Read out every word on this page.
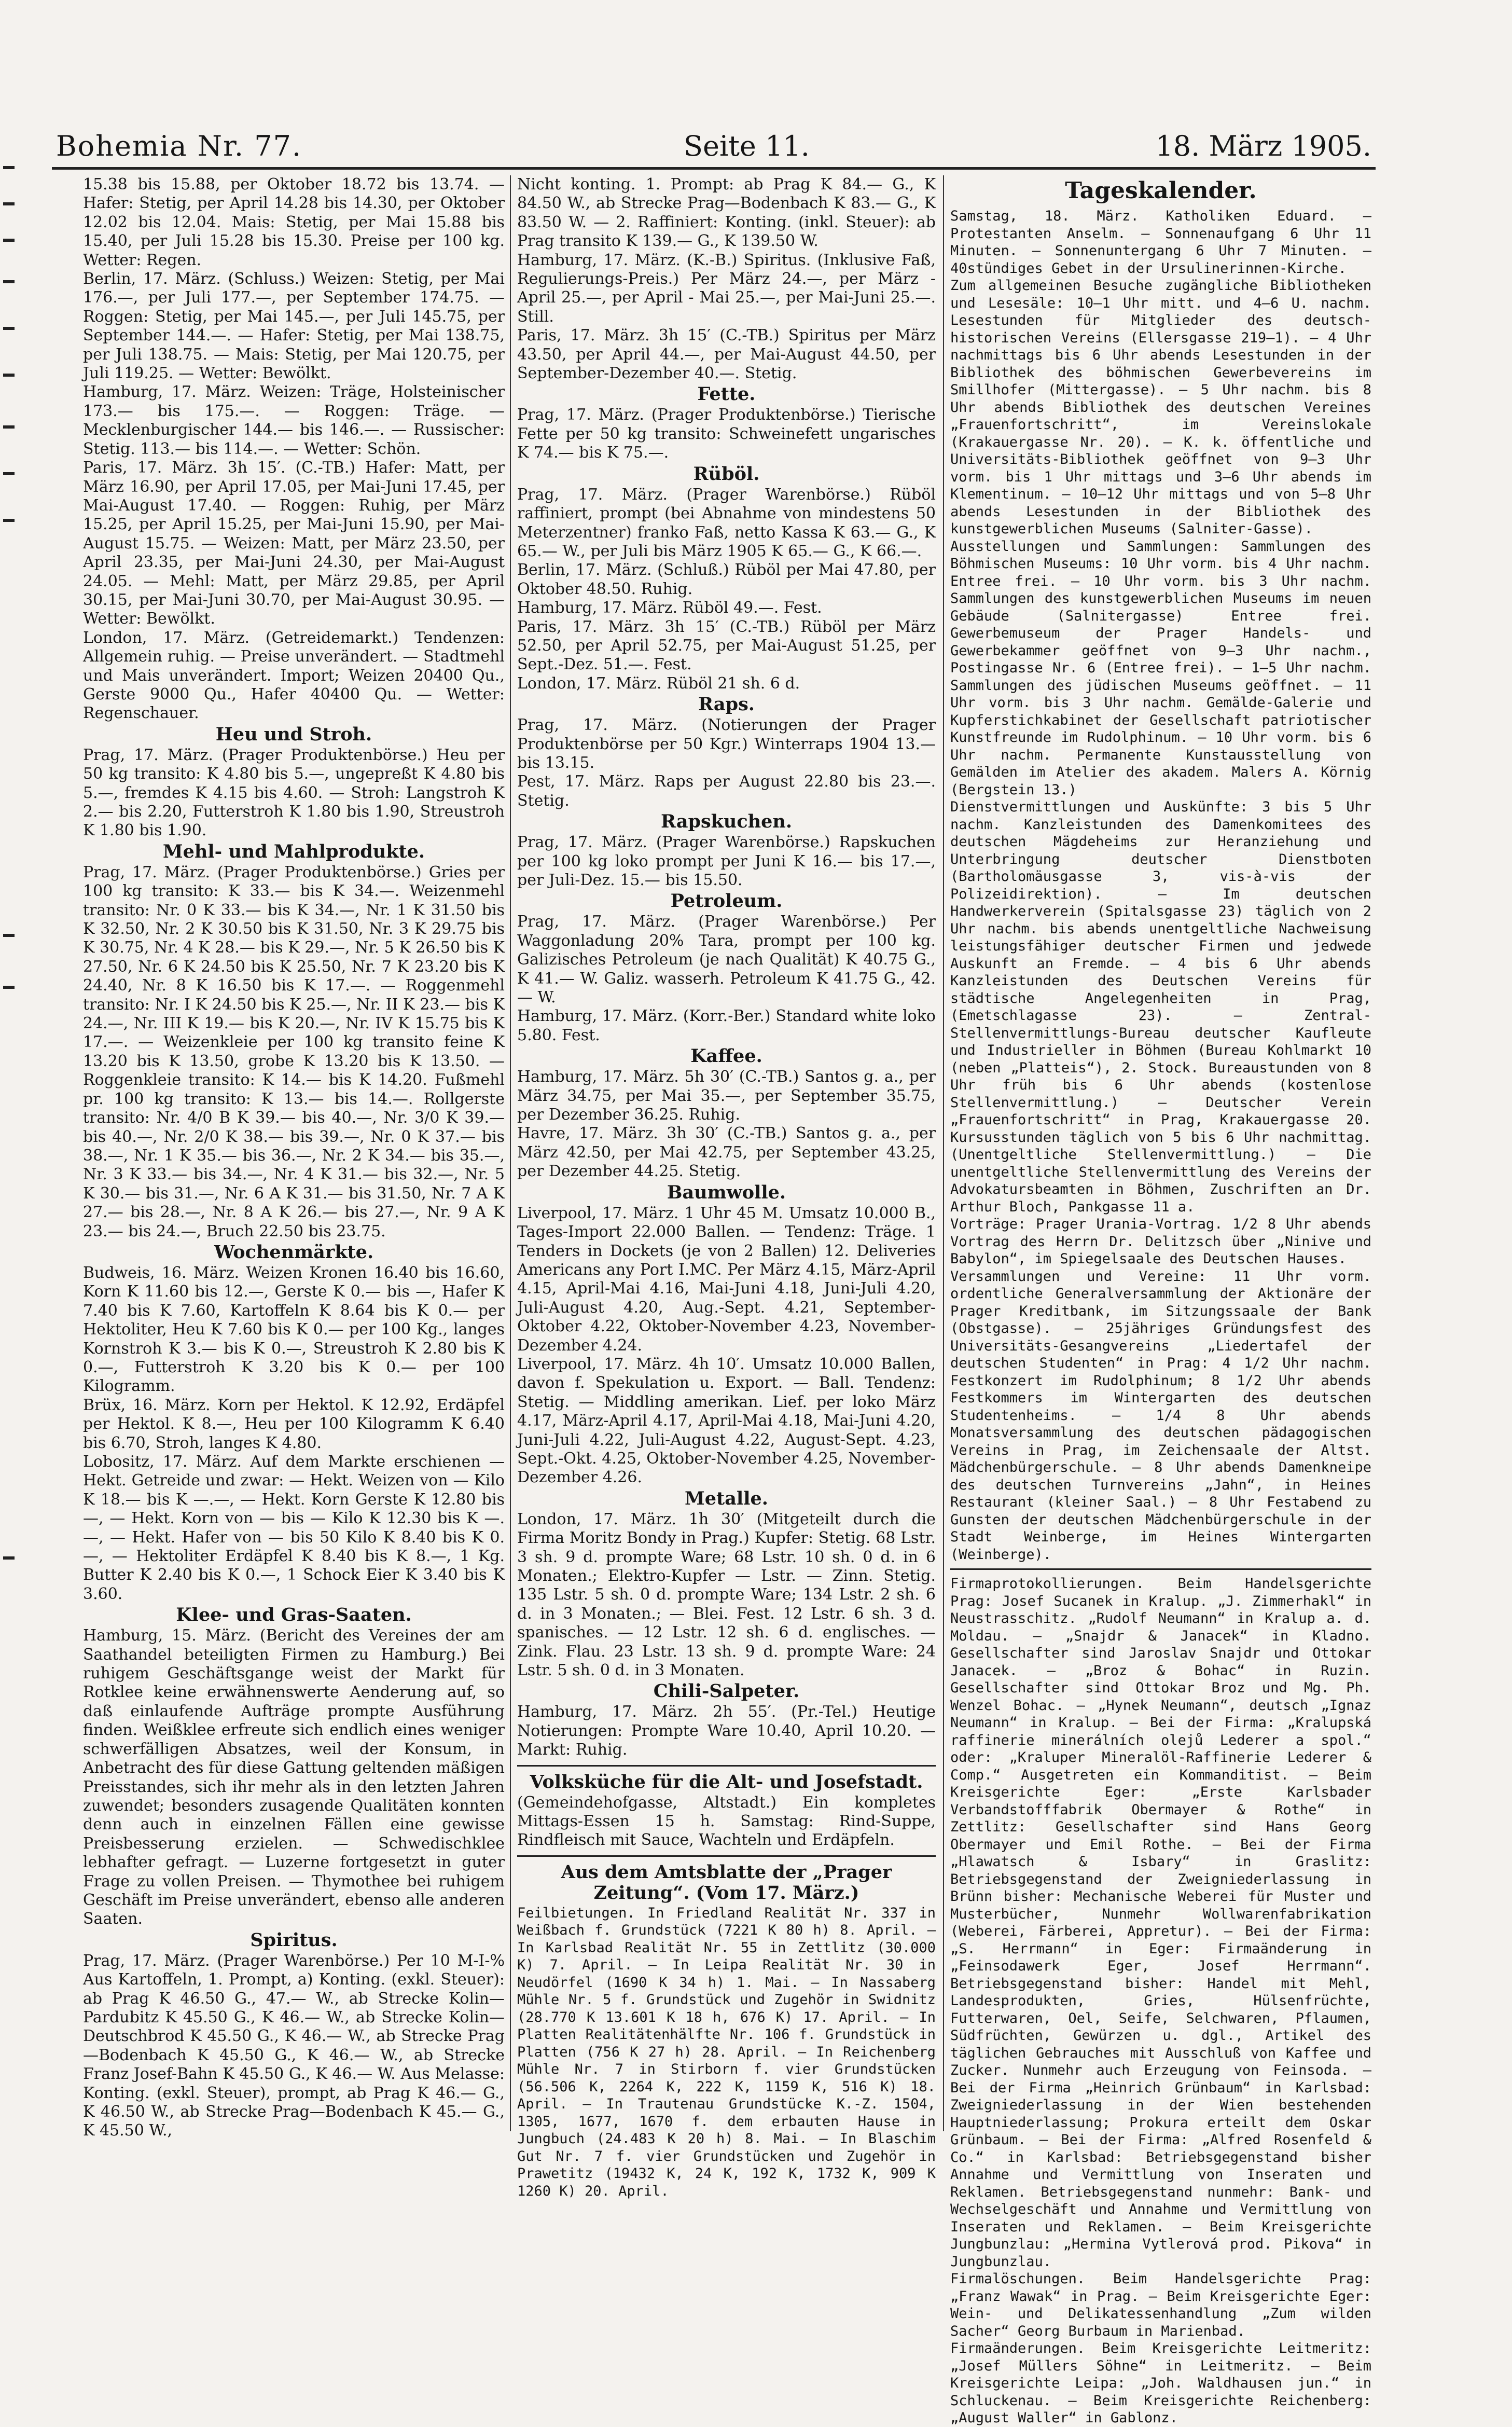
Bohemia Nr. 77.	Seite 11.	18. März 1905.
15.38 bis 15.88, per Oktober 18.72 bis 13.74. — Hafer: Stetig, per April 14.28 bis 14.30, per Oktober 12.02 bis 12.04. Mais: Stetig, per Mai 15.88 bis 15.40, per Juli 15.28 bis 15.30. Preise per 100 kg. Wetter: Regen.
Berlin, 17. März. (Schluss.) Weizen: Stetig, per Mai 176.—, per Juli 177.—, per September 174.75. — Roggen: Stetig, per Mai 145.—, per Juli 145.75, per September 144.—. — Hafer: Stetig, per Mai 138.75, per Juli 138.75. — Mais: Stetig, per Mai 120.75, per Juli 119.25. — Wetter: Bewölkt.
Hamburg, 17. März. Weizen: Träge, Holsteinischer 173.— bis 175.—. — Roggen: Träge. — Mecklenburgischer 144.— bis 146.—. — Russischer: Stetig. 113.— bis 114.—. — Wetter: Schön.
Paris, 17. März. 3h 15′. (C.-TB.) Hafer: Matt, per März 16.90, per April 17.05, per Mai-Juni 17.45, per Mai-August 17.40. — Roggen: Ruhig, per März 15.25, per April 15.25, per Mai-Juni 15.90, per Mai-August 15.75. — Weizen: Matt, per März 23.50, per April 23.35, per Mai-Juni 24.30, per Mai-August 24.05. — Mehl: Matt, per März 29.85, per April 30.15, per Mai-Juni 30.70, per Mai-August 30.95. — Wetter: Bewölkt.
London, 17. März. (Getreidemarkt.) Tendenzen: Allgemein ruhig. — Preise unverändert. — Stadtmehl und Mais unverändert. Import; Weizen 20400 Qu., Gerste 9000 Qu., Hafer 40400 Qu. — Wetter: Regenschauer.
Heu und Stroh.
Prag, 17. März. (Prager Produktenbörse.) Heu per 50 kg transito: K 4.80 bis 5.—, ungepreßt K 4.80 bis 5.—, fremdes K 4.15 bis 4.60. — Stroh: Langstroh K 2.— bis 2.20, Futterstroh K 1.80 bis 1.90, Streustroh K 1.80 bis 1.90.
Mehl- und Mahlprodukte.
Prag, 17. März. (Prager Produktenbörse.) Gries per 100 kg transito: K 33.— bis K 34.—. Weizenmehl transito: Nr. 0 K 33.— bis K 34.—, Nr. 1 K 31.50 bis K 32.50, Nr. 2 K 30.50 bis K 31.50, Nr. 3 K 29.75 bis K 30.75, Nr. 4 K 28.— bis K 29.—, Nr. 5 K 26.50 bis K 27.50, Nr. 6 K 24.50 bis K 25.50, Nr. 7 K 23.20 bis K 24.40, Nr. 8 K 16.50 bis K 17.—. — Roggenmehl transito: Nr. I K 24.50 bis K 25.—, Nr. II K 23.— bis K 24.—, Nr. III K 19.— bis K 20.—, Nr. IV K 15.75 bis K 17.—. — Weizenkleie per 100 kg transito feine K 13.20 bis K 13.50, grobe K 13.20 bis K 13.50. — Roggenkleie transito: K 14.— bis K 14.20. Fußmehl pr. 100 kg transito: K 13.— bis 14.—. Rollgerste transito: Nr. 4/0 B K 39.— bis 40.—, Nr. 3/0 K 39.— bis 40.—, Nr. 2/0 K 38.— bis 39.—, Nr. 0 K 37.— bis 38.—, Nr. 1 K 35.— bis 36.—, Nr. 2 K 34.— bis 35.—, Nr. 3 K 33.— bis 34.—, Nr. 4 K 31.— bis 32.—, Nr. 5 K 30.— bis 31.—, Nr. 6 A K 31.— bis 31.50, Nr. 7 A K 27.— bis 28.—, Nr. 8 A K 26.— bis 27.—, Nr. 9 A K 23.— bis 24.—, Bruch 22.50 bis 23.75.
Wochenmärkte.
Budweis, 16. März. Weizen Kronen 16.40 bis 16.60, Korn K 11.60 bis 12.—, Gerste K 0.— bis —, Hafer K 7.40 bis K 7.60, Kartoffeln K 8.64 bis K 0.— per Hektoliter, Heu K 7.60 bis K 0.— per 100 Kg., langes Kornstroh K 3.— bis K 0.—, Streustroh K 2.80 bis K 0.—, Futterstroh K 3.20 bis K 0.— per 100 Kilogramm.
Brüx, 16. März. Korn per Hektol. K 12.92, Erdäpfel per Hektol. K 8.—, Heu per 100 Kilogramm K 6.40 bis 6.70, Stroh, langes K 4.80.
Lobositz, 17. März. Auf dem Markte erschienen — Hekt. Getreide und zwar: — Hekt. Weizen von — Kilo K 18.— bis K —.—, — Hekt. Korn Gerste K 12.80 bis —, — Hekt. Korn von — bis — Kilo K 12.30 bis K —.—, — Hekt. Hafer von — bis 50 Kilo K 8.40 bis K 0.—, — Hektoliter Erdäpfel K 8.40 bis K 8.—, 1 Kg. Butter K 2.40 bis K 0.—, 1 Schock Eier K 3.40 bis K 3.60.
Klee- und Gras-Saaten.
Hamburg, 15. März. (Bericht des Vereines der am Saathandel beteiligten Firmen zu Hamburg.) Bei ruhigem Geschäftsgange weist der Markt für Rotklee keine erwähnenswerte Aenderung auf, so daß einlaufende Aufträge prompte Ausführung finden. Weißklee erfreute sich endlich eines weniger schwerfälligen Absatzes, weil der Konsum, in Anbetracht des für diese Gattung geltenden mäßigen Preisstandes, sich ihr mehr als in den letzten Jahren zuwendet; besonders zusagende Qualitäten konnten denn auch in einzelnen Fällen eine gewisse Preisbesserung erzielen. — Schwedischklee lebhafter gefragt. — Luzerne fortgesetzt in guter Frage zu vollen Preisen. — Thymothee bei ruhigem Geschäft im Preise unverändert, ebenso alle anderen Saaten.
Spiritus.
Prag, 17. März. (Prager Warenbörse.) Per 10 M-I-% Aus Kartoffeln, 1. Prompt, a) Konting. (exkl. Steuer): ab Prag K 46.50 G., 47.— W., ab Strecke Kolin—Pardubitz K 45.50 G., K 46.— W., ab Strecke Kolin—Deutschbrod K 45.50 G., K 46.— W., ab Strecke Prag—Bodenbach K 45.50 G., K 46.— W., ab Strecke Franz Josef-Bahn K 45.50 G., K 46.— W. Aus Melasse: Konting. (exkl. Steuer), prompt, ab Prag K 46.— G., K 46.50 W., ab Strecke Prag—Bodenbach K 45.— G., K 45.50 W.,
Nicht konting. 1. Prompt: ab Prag K 84.— G., K 84.50 W., ab Strecke Prag—Bodenbach K 83.— G., K 83.50 W. — 2. Raffiniert: Konting. (inkl. Steuer): ab Prag transito K 139.— G., K 139.50 W.
Hamburg, 17. März. (K.-B.) Spiritus. (Inklusive Faß, Regulierungs-Preis.) Per März 24.—, per März - April 25.—, per April - Mai 25.—, per Mai-Juni 25.—. Still.
Paris, 17. März. 3h 15′ (C.-TB.) Spiritus per März 43.50, per April 44.—, per Mai-August 44.50, per September-Dezember 40.—. Stetig.
Fette.
Prag, 17. März. (Prager Produktenbörse.) Tierische Fette per 50 kg transito: Schweinefett ungarisches K 74.— bis K 75.—.
Rüböl.
Prag, 17. März. (Prager Warenbörse.) Rüböl raffiniert, prompt (bei Abnahme von mindestens 50 Meterzentner) franko Faß, netto Kassa K 63.— G., K 65.— W., per Juli bis März 1905 K 65.— G., K 66.—.
Berlin, 17. März. (Schluß.) Rüböl per Mai 47.80, per Oktober 48.50. Ruhig.
Hamburg, 17. März. Rüböl 49.—. Fest.
Paris, 17. März. 3h 15′ (C.-TB.) Rüböl per März 52.50, per April 52.75, per Mai-August 51.25, per Sept.-Dez. 51.—. Fest.
London, 17. März. Rüböl 21 sh. 6 d.
Raps.
Prag, 17. März. (Notierungen der Prager Produktenbörse per 50 Kgr.) Winterraps 1904 13.— bis 13.15.
Pest, 17. März. Raps per August 22.80 bis 23.—. Stetig.
Rapskuchen.
Prag, 17. März. (Prager Warenbörse.) Rapskuchen per 100 kg loko prompt per Juni K 16.— bis 17.—, per Juli-Dez. 15.— bis 15.50.
Petroleum.
Prag, 17. März. (Prager Warenbörse.) Per Waggonladung 20% Tara, prompt per 100 kg. Galizisches Petroleum (je nach Qualität) K 40.75 G., K 41.— W. Galiz. wasserh. Petroleum K 41.75 G., 42.— W.
Hamburg, 17. März. (Korr.-Ber.) Standard white loko 5.80. Fest.
Kaffee.
Hamburg, 17. März. 5h 30′ (C.-TB.) Santos g. a., per März 34.75, per Mai 35.—, per September 35.75, per Dezember 36.25. Ruhig.
Havre, 17. März. 3h 30′ (C.-TB.) Santos g. a., per März 42.50, per Mai 42.75, per September 43.25, per Dezember 44.25. Stetig.
Baumwolle.
Liverpool, 17. März. 1 Uhr 45 M. Umsatz 10.000 B., Tages-Import 22.000 Ballen. — Tendenz: Träge. 1 Tenders in Dockets (je von 2 Ballen) 12. Deliveries Americans any Port I.MC. Per März 4.15, März-April 4.15, April-Mai 4.16, Mai-Juni 4.18, Juni-Juli 4.20, Juli-August 4.20, Aug.-Sept. 4.21, September-Oktober 4.22, Oktober-November 4.23, November-Dezember 4.24.
Liverpool, 17. März. 4h 10′. Umsatz 10.000 Ballen, davon f. Spekulation u. Export. — Ball. Tendenz: Stetig. — Middling amerikan. Lief. per loko März 4.17, März-April 4.17, April-Mai 4.18, Mai-Juni 4.20, Juni-Juli 4.22, Juli-August 4.22, August-Sept. 4.23, Sept.-Okt. 4.25, Oktober-November 4.25, November-Dezember 4.26.
Metalle.
London, 17. März. 1h 30′ (Mitgeteilt durch die Firma Moritz Bondy in Prag.) Kupfer: Stetig. 68 Lstr. 3 sh. 9 d. prompte Ware; 68 Lstr. 10 sh. 0 d. in 6 Monaten.; Elektro-Kupfer — Lstr. — Zinn. Stetig. 135 Lstr. 5 sh. 0 d. prompte Ware; 134 Lstr. 2 sh. 6 d. in 3 Monaten.; — Blei. Fest. 12 Lstr. 6 sh. 3 d. spanisches. — 12 Lstr. 12 sh. 6 d. englisches. — Zink. Flau. 23 Lstr. 13 sh. 9 d. prompte Ware: 24 Lstr. 5 sh. 0 d. in 3 Monaten.
Chili-Salpeter.
Hamburg, 17. März. 2h 55′. (Pr.-Tel.) Heutige Notierungen: Prompte Ware 10.40, April 10.20. — Markt: Ruhig.
Volksküche für die Alt- und Josefstadt.
(Gemeindehofgasse, Altstadt.) Ein kompletes Mittags-Essen 15 h. Samstag: Rind-Suppe, Rindfleisch mit Sauce, Wachteln und Erdäpfeln.
Aus dem Amtsblatte der „Prager Zeitung“. (Vom 17. März.)
Feilbietungen. In Friedland Realität Nr. 337 in Weißbach f. Grundstück (7221 K 80 h) 8. April. — In Karlsbad Realität Nr. 55 in Zettlitz (30.000 K) 7. April. — In Leipa Realität Nr. 30 in Neudörfel (1690 K 34 h) 1. Mai. — In Nassaberg Mühle Nr. 5 f. Grundstück und Zugehör in Swidnitz (28.770 K 13.601 K 18 h, 676 K) 17. April. — In Platten Realitätenhälfte Nr. 106 f. Grundstück in Platten (756 K 27 h) 28. April. — In Reichenberg Mühle Nr. 7 in Stirborn f. vier Grundstücken (56.506 K, 2264 K, 222 K, 1159 K, 516 K) 18. April. — In Trautenau Grundstücke K.-Z. 1504, 1305, 1677, 1670 f. dem erbauten Hause in Jungbuch (24.483 K 20 h) 8. Mai. — In Blaschim Gut Nr. 7 f. vier Grundstücken und Zugehör in Prawetitz (19432 K, 24 K, 192 K, 1732 K, 909 K 1260 K) 20. April.
Tageskalender.
Samstag, 18. März. Katholiken Eduard. — Protestanten Anselm. — Sonnenaufgang 6 Uhr 11 Minuten. — Sonnenuntergang 6 Uhr 7 Minuten. — 40stündiges Gebet in der Ursulinerinnen-Kirche.
Zum allgemeinen Besuche zugängliche Bibliotheken und Lesesäle: 10—1 Uhr mitt. und 4—6 U. nachm. Lesestunden für Mitglieder des deutsch-historischen Vereins (Ellersgasse 219—1). — 4 Uhr nachmittags bis 6 Uhr abends Lesestunden in der Bibliothek des böhmischen Gewerbevereins im Smillhofer (Mittergasse). — 5 Uhr nachm. bis 8 Uhr abends Bibliothek des deutschen Vereines „Frauenfortschritt“, im Vereinslokale (Krakauergasse Nr. 20). — K. k. öffentliche und Universitäts-Bibliothek geöffnet von 9—3 Uhr vorm. bis 1 Uhr mittags und 3—6 Uhr abends im Klementinum. — 10—12 Uhr mittags und von 5—8 Uhr abends Lesestunden in der Bibliothek des kunstgewerblichen Museums (Salniter-Gasse).
Ausstellungen und Sammlungen: Sammlungen des Böhmischen Museums: 10 Uhr vorm. bis 4 Uhr nachm. Entree frei. — 10 Uhr vorm. bis 3 Uhr nachm. Sammlungen des kunstgewerblichen Museums im neuen Gebäude (Salnitergasse) Entree frei. Gewerbemuseum der Prager Handels- und Gewerbekammer geöffnet von 9—3 Uhr nachm., Postingasse Nr. 6 (Entree frei). — 1—5 Uhr nachm. Sammlungen des jüdischen Museums geöffnet. — 11 Uhr vorm. bis 3 Uhr nachm. Gemälde-Galerie und Kupferstichkabinet der Gesellschaft patriotischer Kunstfreunde im Rudolphinum. — 10 Uhr vorm. bis 6 Uhr nachm. Permanente Kunstausstellung von Gemälden im Atelier des akadem. Malers A. Körnig (Bergstein 13.)
Dienstvermittlungen und Auskünfte: 3 bis 5 Uhr nachm. Kanzleistunden des Damenkomitees des deutschen Mägdeheims zur Heranziehung und Unterbringung deutscher Dienstboten (Bartholomäusgasse 3, vis-à-vis der Polizeidirektion). — Im deutschen Handwerkerverein (Spitalsgasse 23) täglich von 2 Uhr nachm. bis abends unentgeltliche Nachweisung leistungsfähiger deutscher Firmen und jedwede Auskunft an Fremde. — 4 bis 6 Uhr abends Kanzleistunden des Deutschen Vereins für städtische Angelegenheiten in Prag, (Emetschlagasse 23). — Zentral-Stellenvermittlungs-Bureau deutscher Kaufleute und Industrieller in Böhmen (Bureau Kohlmarkt 10 (neben „Platteis“), 2. Stock. Bureaustunden von 8 Uhr früh bis 6 Uhr abends (kostenlose Stellenvermittlung.) — Deutscher Verein „Frauenfortschritt“ in Prag, Krakauergasse 20. Kursusstunden täglich von 5 bis 6 Uhr nachmittag. (Unentgeltliche Stellenvermittlung.) — Die unentgeltliche Stellenvermittlung des Vereins der Advokatursbeamten in Böhmen, Zuschriften an Dr. Arthur Bloch, Pankgasse 11 a.
Vorträge: Prager Urania-Vortrag. 1/2 8 Uhr abends Vortrag des Herrn Dr. Delitzsch über „Ninive und Babylon“, im Spiegelsaale des Deutschen Hauses.
Versammlungen und Vereine: 11 Uhr vorm. ordentliche Generalversammlung der Aktionäre der Prager Kreditbank, im Sitzungssaale der Bank (Obstgasse). — 25jähriges Gründungsfest des Universitäts-Gesangvereins „Liedertafel der deutschen Studenten“ in Prag: 4 1/2 Uhr nachm. Festkonzert im Rudolphinum; 8 1/2 Uhr abends Festkommers im Wintergarten des deutschen Studentenheims. — 1/4 8 Uhr abends Monatsversammlung des deutschen pädagogischen Vereins in Prag, im Zeichensaale der Altst. Mädchenbürgerschule. — 8 Uhr abends Damenkneipe des deutschen Turnvereins „Jahn“, in Heines Restaurant (kleiner Saal.) — 8 Uhr Festabend zu Gunsten der deutschen Mädchenbürgerschule in der Stadt Weinberge, im Heines Wintergarten (Weinberge).
Firmaprotokollierungen. Beim Handelsgerichte Prag: Josef Sucanek in Kralup. „J. Zimmerhakl“ in Neustrasschitz. „Rudolf Neumann“ in Kralup a. d. Moldau. — „Snajdr & Janacek“ in Kladno. Gesellschafter sind Jaroslav Snajdr und Ottokar Janacek. — „Broz & Bohac“ in Ruzin. Gesellschafter sind Ottokar Broz und Mg. Ph. Wenzel Bohac. — „Hynek Neumann“, deutsch „Ignaz Neumann“ in Kralup. — Bei der Firma: „Kralupská raffinerie minerálních olejů Lederer a spol.“ oder: „Kraluper Mineralöl-Raffinerie Lederer & Comp.“ Ausgetreten ein Kommanditist. — Beim Kreisgerichte Eger: „Erste Karlsbader Verbandstofffabrik Obermayer & Rothe“ in Zettlitz: Gesellschafter sind Hans Georg Obermayer und Emil Rothe. — Bei der Firma „Hlawatsch & Isbary“ in Graslitz: Betriebsgegenstand der Zweigniederlassung in Brünn bisher: Mechanische Weberei für Muster und Musterbücher, Nunmehr Wollwarenfabrikation (Weberei, Färberei, Appretur). — Bei der Firma: „S. Herrmann“ in Eger: Firmaänderung in „Feinsodawerk Eger, Josef Herrmann“. Betriebsgegenstand bisher: Handel mit Mehl, Landesprodukten, Gries, Hülsenfrüchte, Futterwaren, Oel, Seife, Selchwaren, Pflaumen, Südfrüchten, Gewürzen u. dgl., Artikel des täglichen Gebrauches mit Ausschluß von Kaffee und Zucker. Nunmehr auch Erzeugung von Feinsoda. — Bei der Firma „Heinrich Grünbaum“ in Karlsbad: Zweigniederlassung in der Wien bestehenden Hauptniederlassung; Prokura erteilt dem Oskar Grünbaum. — Bei der Firma: „Alfred Rosenfeld & Co.“ in Karlsbad: Betriebsgegenstand bisher Annahme und Vermittlung von Inseraten und Reklamen. Betriebsgegenstand nunmehr: Bank- und Wechselgeschäft und Annahme und Vermittlung von Inseraten und Reklamen. — Beim Kreisgerichte Jungbunzlau: „Hermina Vytlerová prod. Pikova“ in Jungbunzlau.
Firmalöschungen. Beim Handelsgerichte Prag: „Franz Wawak“ in Prag. — Beim Kreisgerichte Eger: Wein- und Delikatessenhandlung „Zum wilden Sacher“ Georg Burbaum in Marienbad.
Firmaänderungen. Beim Kreisgerichte Leitmeritz: „Josef Müllers Söhne“ in Leitmeritz. — Beim Kreisgerichte Leipa: „Joh. Waldhausen jun.“ in Schluckenau. — Beim Kreisgerichte Reichenberg: „August Waller“ in Gablonz.
